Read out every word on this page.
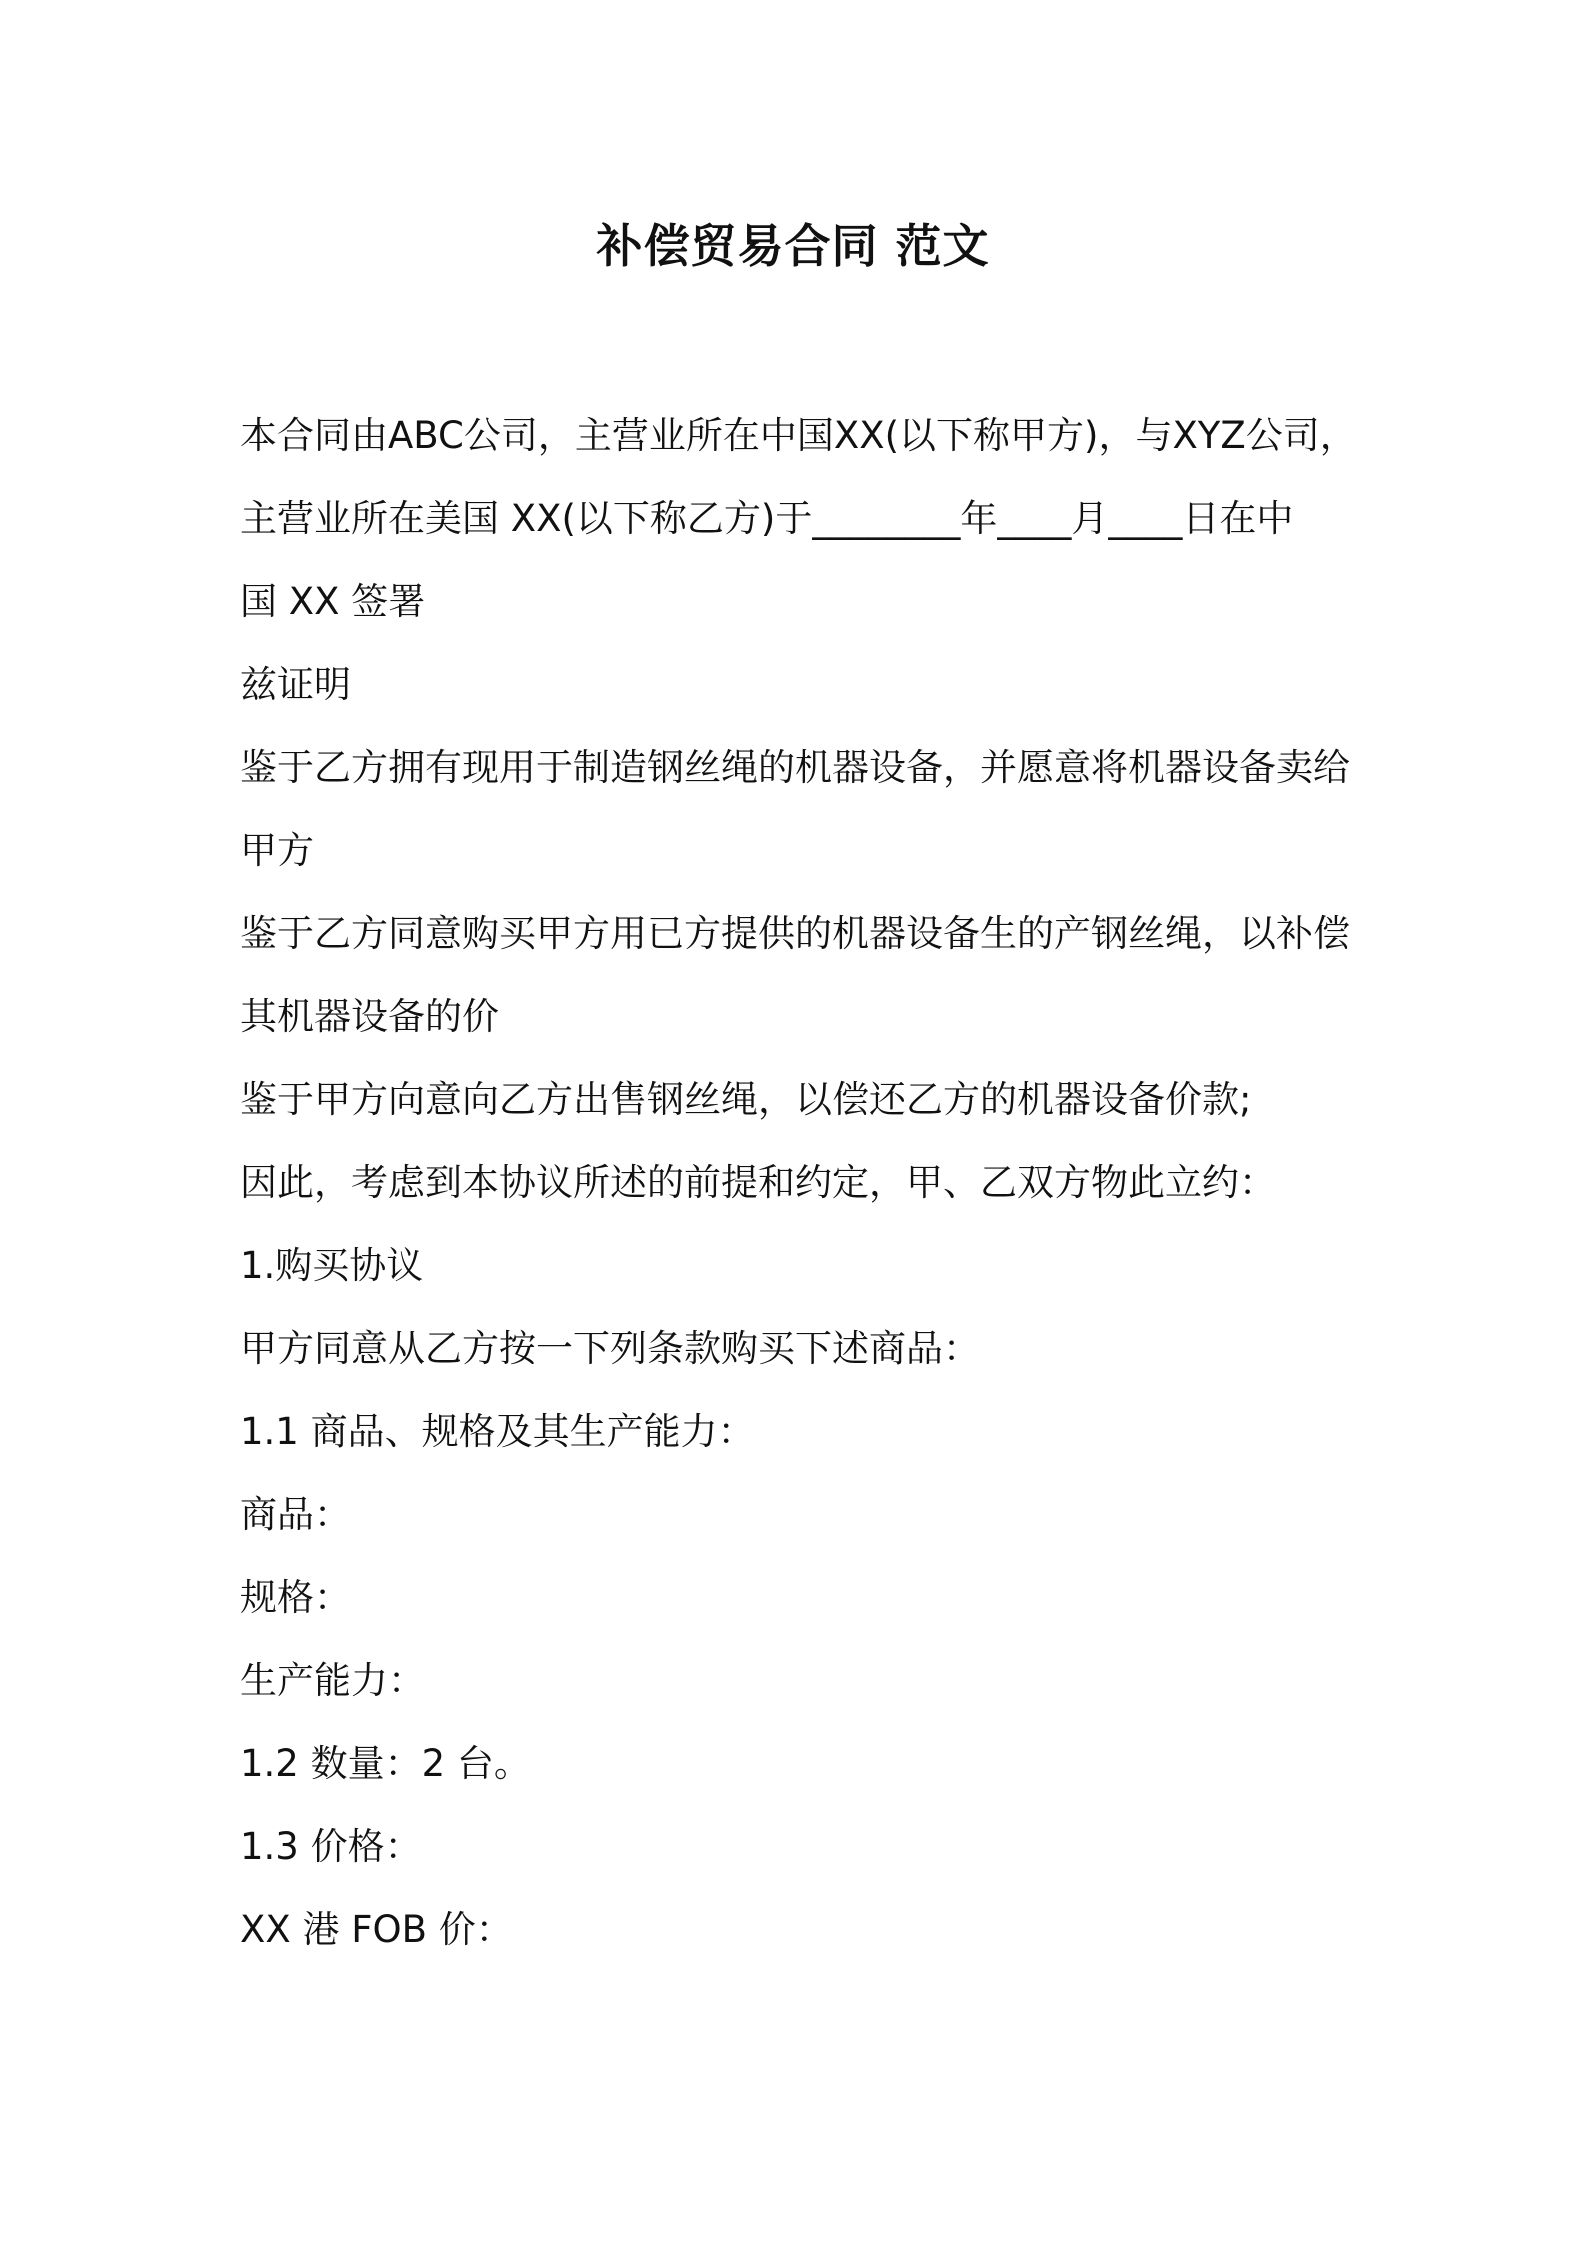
补偿贸易合同 范文
本合同由ABC公司，主营业所在中国XX(以下称甲方)，与XYZ公司，
主营业所在美国 XX(以下称乙方)于________年____月____日在中
国 XX 签署
兹证明
鉴于乙方拥有现用于制造钢丝绳的机器设备，并愿意将机器设备卖给
甲方
鉴于乙方同意购买甲方用已方提供的机器设备生的产钢丝绳，以补偿
其机器设备的价
鉴于甲方向意向乙方出售钢丝绳，以偿还乙方的机器设备价款;
因此，考虑到本协议所述的前提和约定，甲、乙双方物此立约：
1.购买协议
甲方同意从乙方按一下列条款购买下述商品：
1.1 商品、规格及其生产能力：
商品：
规格：
生产能力：
1.2 数量：2 台。
1.3 价格：
XX 港 FOB 价：
